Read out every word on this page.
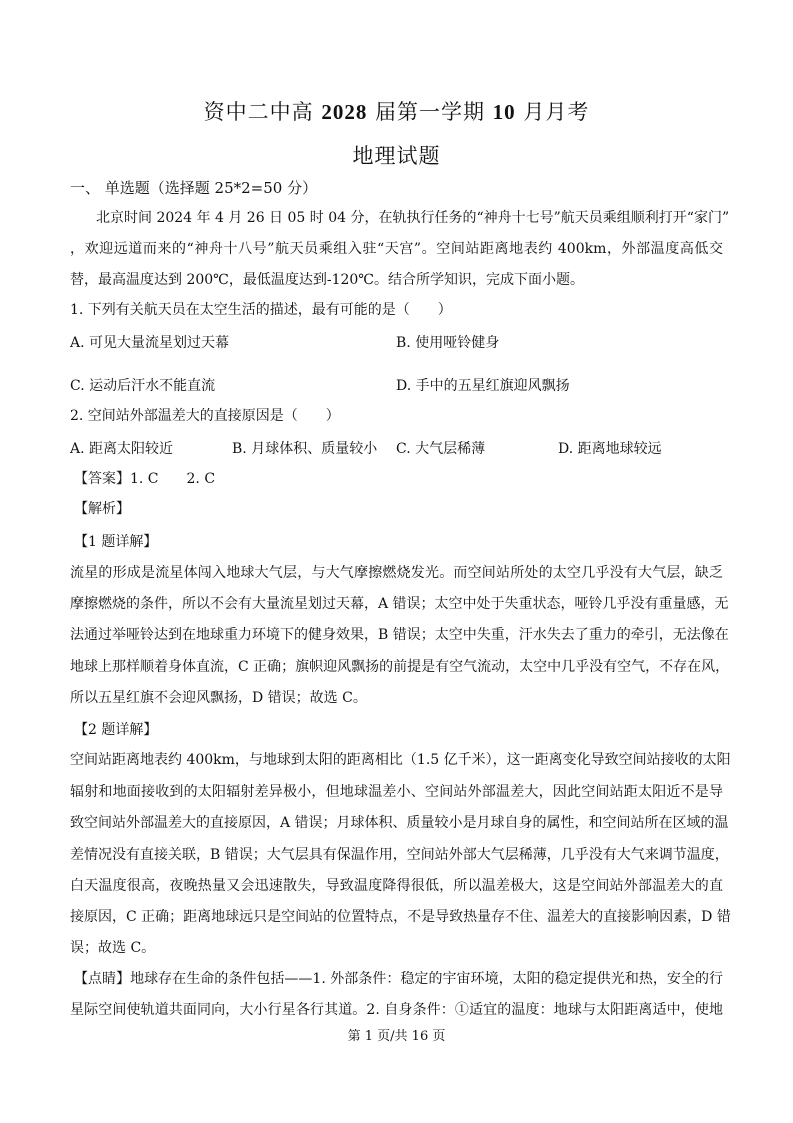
资中二中高 2028 届第一学期 10 月月考
地理试题
一、 单选题（选择题 25*2=50 分）
北京时间 2024 年 4 月 26 日 05 时 04 分，在轨执行任务的“神舟十七号”航天员乘组顺利打开“家门”
，欢迎远道而来的“神舟十八号”航天员乘组入驻“天宫”。空间站距离地表约 400km，外部温度高低交
替，最高温度达到 200℃，最低温度达到-120℃。结合所学知识，完成下面小题。
1. 下列有关航天员在太空生活的描述，最有可能的是（　　）
A. 可见大量流星划过天幕	B. 使用哑铃健身
C. 运动后汗水不能直流	D. 手中的五星红旗迎风飘扬
2. 空间站外部温差大的直接原因是（　　）
A. 距离太阳较近	B. 月球体积、质量较小 C. 大气层稀薄	D. 距离地球较远
【答案】1. C　　2. C
【解析】
【1 题详解】
流星的形成是流星体闯入地球大气层，与大气摩擦燃烧发光。而空间站所处的太空几乎没有大气层，缺乏
摩擦燃烧的条件，所以不会有大量流星划过天幕，A 错误；太空中处于失重状态，哑铃几乎没有重量感，无
法通过举哑铃达到在地球重力环境下的健身效果，B 错误；太空中失重，汗水失去了重力的牵引，无法像在
地球上那样顺着身体直流，C 正确；旗帜迎风飘扬的前提是有空气流动，太空中几乎没有空气，不存在风，
所以五星红旗不会迎风飘扬，D 错误；故选 C。
【2 题详解】
空间站距离地表约 400km，与地球到太阳的距离相比（1.5 亿千米），这一距离变化导致空间站接收的太阳
辐射和地面接收到的太阳辐射差异极小，但地球温差小、空间站外部温差大，因此空间站距太阳近不是导
致空间站外部温差大的直接原因，A 错误；月球体积、质量较小是月球自身的属性，和空间站所在区域的温
差情况没有直接关联，B 错误；大气层具有保温作用，空间站外部大气层稀薄，几乎没有大气来调节温度，
白天温度很高，夜晚热量又会迅速散失，导致温度降得很低，所以温差极大，这是空间站外部温差大的直
接原因，C 正确；距离地球远只是空间站的位置特点，不是导致热量存不住、温差大的直接影响因素，D 错
误；故选 C。
【点睛】地球存在生命的条件包括——1. 外部条件：稳定的宇宙环境，太阳的稳定提供光和热，安全的行
星际空间使轨道共面同向，大小行星各行其道。2. 自身条件：①适宜的温度：地球与太阳距离适中，使地
第 1 页/共 16 页
